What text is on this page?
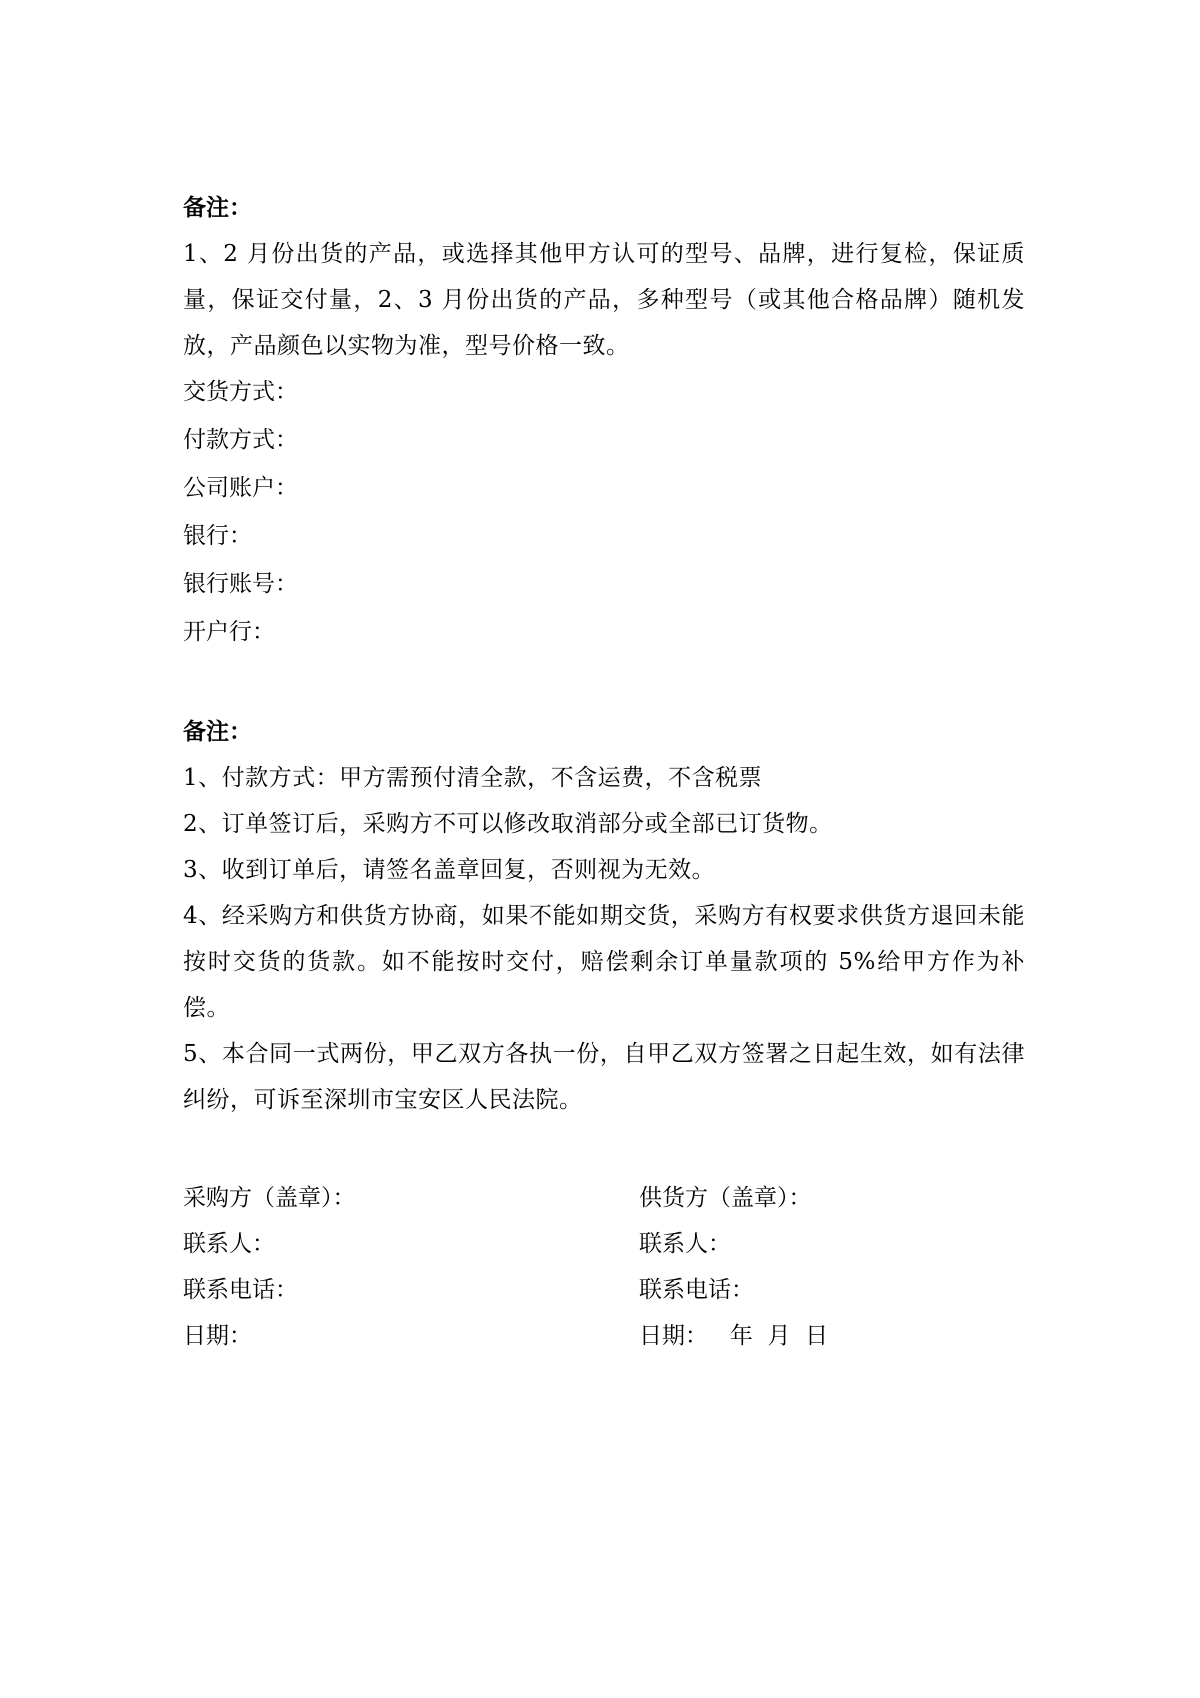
备注：

1、2 月份出货的产品，或选择其他甲方认可的型号、品牌，进行复检，保证质量，保证交付量，2、3 月份出货的产品，多种型号（或其他合格品牌）随机发放，产品颜色以实物为准，型号价格一致。

交货方式：

付款方式：

公司账户：

银行：

银行账号：

开户行：

备注：

1、付款方式：甲方需预付清全款，不含运费，不含税票

2、订单签订后，采购方不可以修改取消部分或全部已订货物。

3、收到订单后，请签名盖章回复，否则视为无效。

4、经采购方和供货方协商，如果不能如期交货，采购方有权要求供货方退回未能按时交货的货款。如不能按时交付，赔偿剩余订单量款项的 5%给甲方作为补偿。

5、本合同一式两份，甲乙双方各执一份，自甲乙双方签署之日起生效，如有法律纠纷，可诉至深圳市宝安区人民法院。

采购方（盖章）：

联系人：

联系电话：

日期：

供货方（盖章）：

联系人：

联系电话：

日期：   年  月  日
